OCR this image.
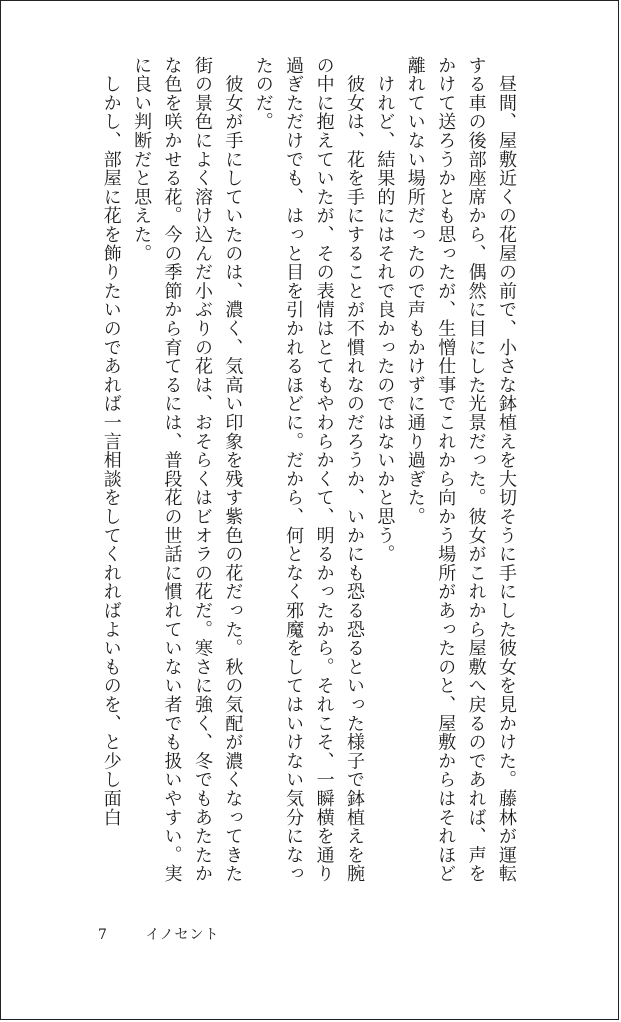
　昼間、屋敷近くの花屋の前で、小さな鉢植えを大切そうに手にした彼女を見かけた。藤林が運転する車の後部座席から、偶然に目にした光景だった。彼女がこれから屋敷へ戻るのであれば、声をかけて送ろうかとも思ったが、生憎仕事でこれから向かう場所があったのと、屋敷からはそれほど離れていない場所だったので声もかけずに通り過ぎた。

　けれど、結果的にはそれで良かったのではないかと思う。

　彼女は、花を手にすることが不慣れなのだろうか、いかにも恐る恐るといった様子で鉢植えを腕の中に抱えていたが、その表情はとてもやわらかくて、明るかったから。それこそ、一瞬横を通り過ぎただけでも、はっと目を引かれるほどに。だから、何となく邪魔をしてはいけない気分になったのだ。

　彼女が手にしていたのは、濃く、気高い印象を残す紫色の花だった。秋の気配が濃くなってきた街の景色によく溶け込んだ小ぶりの花は、おそらくはビオラの花だ。寒さに強く、冬でもあたたかな色を咲かせる花。今の季節から育てるには、普段花の世話に慣れていない者でも扱いやすい。実に良い判断だと思えた。

　しかし、部屋に花を飾りたいのであれば一言相談をしてくれればよいものを、と少し面白

7	イノセント
